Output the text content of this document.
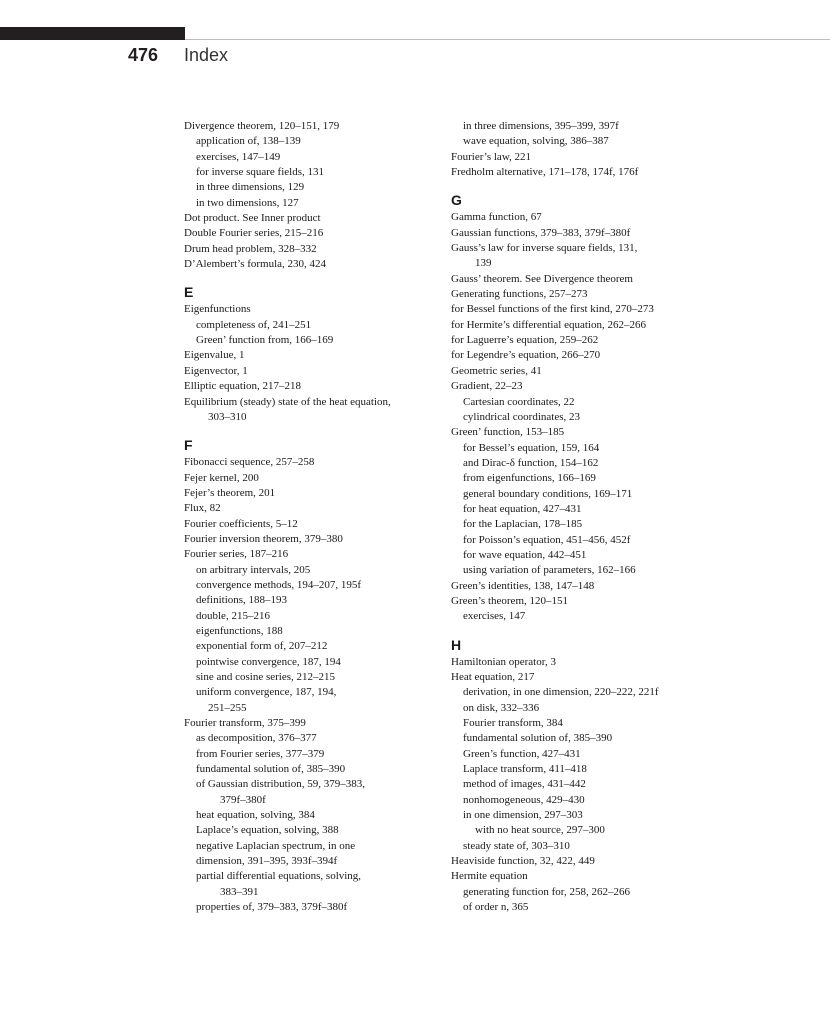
476 Index
Divergence theorem, 120–151, 179
application of, 138–139
exercises, 147–149
for inverse square fields, 131
in three dimensions, 129
in two dimensions, 127
Dot product. See Inner product
Double Fourier series, 215–216
Drum head problem, 328–332
D’Alembert’s formula, 230, 424
E
Eigenfunctions
completeness of, 241–251
Green’ function from, 166–169
Eigenvalue, 1
Eigenvector, 1
Elliptic equation, 217–218
Equilibrium (steady) state of the heat equation,
303–310
F
Fibonacci sequence, 257–258
Fejer kernel, 200
Fejer’s theorem, 201
Flux, 82
Fourier coefficients, 5–12
Fourier inversion theorem, 379–380
Fourier series, 187–216
on arbitrary intervals, 205
convergence methods, 194–207, 195f
definitions, 188–193
double, 215–216
eigenfunctions, 188
exponential form of, 207–212
pointwise convergence, 187, 194
sine and cosine series, 212–215
uniform convergence, 187, 194,
251–255
Fourier transform, 375–399
as decomposition, 376–377
from Fourier series, 377–379
fundamental solution of, 385–390
of Gaussian distribution, 59, 379–383,
379f–380f
heat equation, solving, 384
Laplace’s equation, solving, 388
negative Laplacian spectrum, in one
dimension, 391–395, 393f–394f
partial differential equations, solving,
383–391
properties of, 379–383, 379f–380f
in three dimensions, 395–399, 397f
wave equation, solving, 386–387
Fourier’s law, 221
Fredholm alternative, 171–178, 174f, 176f
G
Gamma function, 67
Gaussian functions, 379–383, 379f–380f
Gauss’s law for inverse square fields, 131,
139
Gauss’ theorem. See Divergence theorem
Generating functions, 257–273
for Bessel functions of the first kind, 270–273
for Hermite’s differential equation, 262–266
for Laguerre’s equation, 259–262
for Legendre’s equation, 266–270
Geometric series, 41
Gradient, 22–23
Cartesian coordinates, 22
cylindrical coordinates, 23
Green’ function, 153–185
for Bessel’s equation, 159, 164
and Dirac-δ function, 154–162
from eigenfunctions, 166–169
general boundary conditions, 169–171
for heat equation, 427–431
for the Laplacian, 178–185
for Poisson’s equation, 451–456, 452f
for wave equation, 442–451
using variation of parameters, 162–166
Green’s identities, 138, 147–148
Green’s theorem, 120–151
exercises, 147
H
Hamiltonian operator, 3
Heat equation, 217
derivation, in one dimension, 220–222, 221f
on disk, 332–336
Fourier transform, 384
fundamental solution of, 385–390
Green’s function, 427–431
Laplace transform, 411–418
method of images, 431–442
nonhomogeneous, 429–430
in one dimension, 297–303
with no heat source, 297–300
steady state of, 303–310
Heaviside function, 32, 422, 449
Hermite equation
generating function for, 258, 262–266
of order n, 365
